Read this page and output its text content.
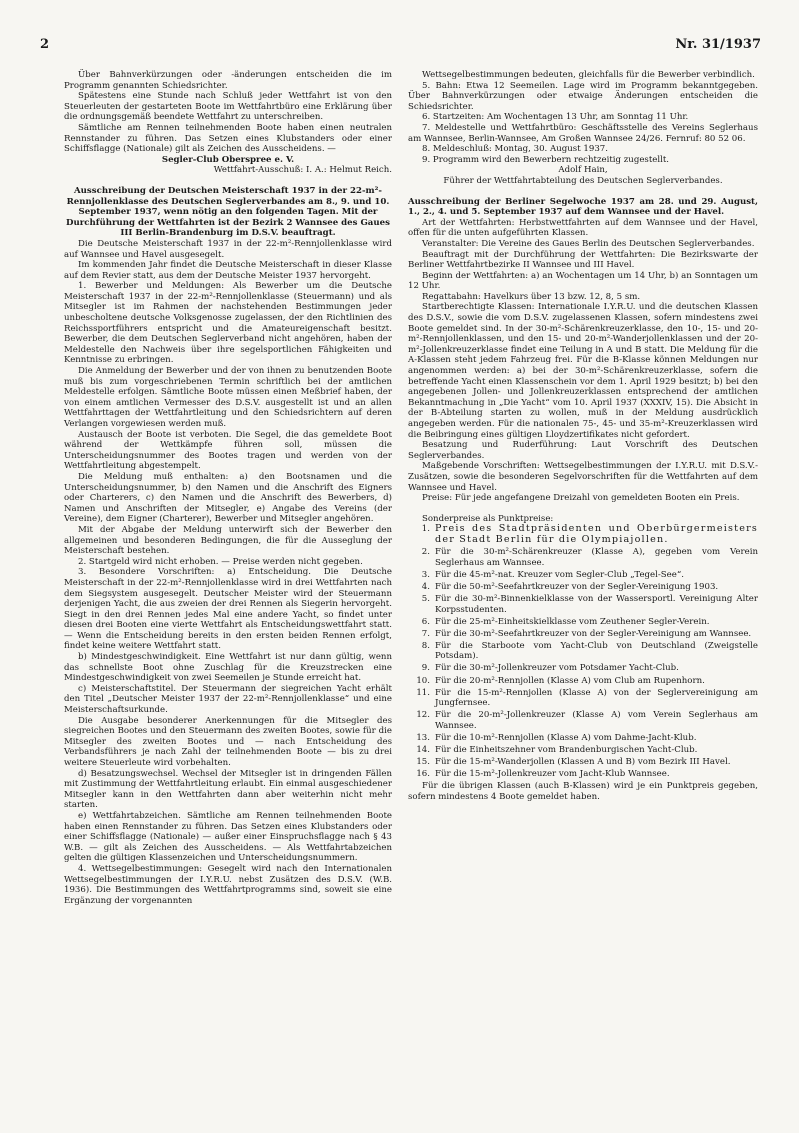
2	Nr. 31/1937

Über Bahnverkürzungen oder -änderungen entscheiden die im Programm genannten Schiedsrichter.

Spätestens eine Stunde nach Schluß jeder Wettfahrt ist von den Steuerleuten der gestarteten Boote im Wettfahrtbüro eine Erklärung über die ordnungsgemäß beendete Wettfahrt zu unterschreiben.

Sämtliche am Rennen teilnehmenden Boote haben einen neutralen Rennstander zu führen. Das Setzen eines Klubstanders oder einer Schiffsflagge (Nationale) gilt als Zeichen des Ausscheidens. —

Segler-Club Oberspree e. V.

Wettfahrt-Ausschuß: I. A.: Helmut Reich.

Ausschreibung der Deutschen Meisterschaft 1937 in der 22-m²-Rennjollenklasse des Deutschen Seglerverbandes am 8., 9. und 10. September 1937, wenn nötig an den folgenden Tagen. Mit der Durchführung der Wettfahrten ist der Bezirk 2 Wannsee des Gaues III Berlin-Brandenburg im D.S.V. beauftragt.

Die Deutsche Meisterschaft 1937 in der 22-m²-Rennjollenklasse wird auf Wannsee und Havel ausgesegelt.

Im kommenden Jahr findet die Deutsche Meisterschaft in dieser Klasse auf dem Revier statt, aus dem der Deutsche Meister 1937 hervorgeht.

1. Bewerber und Meldungen: Als Bewerber um die Deutsche Meisterschaft 1937 in der 22-m²-Rennjollenklasse (Steuermann) und als Mitsegler ist im Rahmen der nachstehenden Bestimmungen jeder unbescholtene deutsche Volksgenosse zugelassen, der den Richtlinien des Reichssportführers entspricht und die Amateureigenschaft besitzt. Bewerber, die dem Deutschen Seglerverband nicht angehören, haben der Meldestelle den Nachweis über ihre segelsportlichen Fähigkeiten und Kenntnisse zu erbringen.

Die Anmeldung der Bewerber und der von ihnen zu benutzenden Boote muß bis zum vorgeschriebenen Termin schriftlich bei der amtlichen Meldestelle erfolgen. Sämtliche Boote müssen einen Meßbrief haben, der von einem amtlichen Vermesser des D.S.V. ausgestellt ist und an allen Wettfahrttagen der Wettfahrtleitung und den Schiedsrichtern auf deren Verlangen vorgewiesen werden muß.

Austausch der Boote ist verboten. Die Segel, die das gemeldete Boot während der Wettkämpfe führen soll, müssen die Unterscheidungsnummer des Bootes tragen und werden von der Wettfahrtleitung abgestempelt.

Die Meldung muß enthalten: a) den Bootsnamen und die Unterscheidungsnummer, b) den Namen und die Anschrift des Eigners oder Charterers, c) den Namen und die Anschrift des Bewerbers, d) Namen und Anschriften der Mitsegler, e) Angabe des Vereins (der Vereine), dem Eigner (Charterer), Bewerber und Mitsegler angehören.

Mit der Abgabe der Meldung unterwirft sich der Bewerber den allgemeinen und besonderen Bedingungen, die für die Ausseglung der Meisterschaft bestehen.

2. Startgeld wird nicht erhoben. — Preise werden nicht gegeben.

3. Besondere Vorschriften: a) Entscheidung. Die Deutsche Meisterschaft in der 22-m²-Rennjollenklasse wird in drei Wettfahrten nach dem Siegsystem ausgesegelt. Deutscher Meister wird der Steuermann derjenigen Yacht, die aus zweien der drei Rennen als Siegerin hervorgeht. Siegt in den drei Rennen jedes Mal eine andere Yacht, so findet unter diesen drei Booten eine vierte Wettfahrt als Entscheidungswettfahrt statt. — Wenn die Entscheidung bereits in den ersten beiden Rennen erfolgt, findet keine weitere Wettfahrt statt.

b) Mindestgeschwindigkeit. Eine Wettfahrt ist nur dann gültig, wenn das schnellste Boot ohne Zuschlag für die Kreuzstrecken eine Mindestgeschwindigkeit von zwei Seemeilen je Stunde erreicht hat.

c) Meisterschaftstitel. Der Steuermann der siegreichen Yacht erhält den Titel „Deutscher Meister 1937 der 22-m²-Rennjollenklasse“ und eine Meisterschaftsurkunde.

Die Ausgabe besonderer Anerkennungen für die Mitsegler des siegreichen Bootes und den Steuermann des zweiten Bootes, sowie für die Mitsegler des zweiten Bootes und — nach Entscheidung des Verbandsführers je nach Zahl der teilnehmenden Boote — bis zu drei weitere Steuerleute wird vorbehalten.

d) Besatzungswechsel. Wechsel der Mitsegler ist in dringenden Fällen mit Zustimmung der Wettfahrtleitung erlaubt. Ein einmal ausgeschiedener Mitsegler kann in den Wettfahrten dann aber weiterhin nicht mehr starten.

e) Wettfahrtabzeichen. Sämtliche am Rennen teilnehmenden Boote haben einen Rennstander zu führen. Das Setzen eines Klubstanders oder einer Schiffsflagge (Nationale) — außer einer Einspruchsflagge nach § 43 W.B. — gilt als Zeichen des Ausscheidens. — Als Wettfahrtabzeichen gelten die gültigen Klassenzeichen und Unterscheidungsnummern.

4. Wettsegelbestimmungen: Gesegelt wird nach den Internationalen Wettsegelbestimmungen der I.Y.R.U. nebst Zusätzen des D.S.V. (W.B. 1936). Die Bestimmungen des Wettfahrtprogramms sind, soweit sie eine Ergänzung der vorgenannten

Wettsegelbestimmungen bedeuten, gleichfalls für die Bewerber verbindlich.

5. Bahn: Etwa 12 Seemeilen. Lage wird im Programm bekanntgegeben. Über Bahnverkürzungen oder etwaige Änderungen entscheiden die Schiedsrichter.

6. Startzeiten: Am Wochentagen 13 Uhr, am Sonntag 11 Uhr.

7. Meldestelle und Wettfahrtbüro: Geschäftsstelle des Vereins Seglerhaus am Wannsee, Berlin-Wannsee, Am Großen Wannsee 24/26. Fernruf: 80 52 06.

8. Meldeschluß: Montag, 30. August 1937.

9. Programm wird den Bewerbern rechtzeitig zugestellt.

Adolf Hain,

Führer der Wettfahrtabteilung des Deutschen Seglerverbandes.

Ausschreibung der Berliner Segelwoche 1937 am 28. und 29. August, 1., 2., 4. und 5. September 1937 auf dem Wannsee und der Havel.

Art der Wettfahrten: Herbstwettfahrten auf dem Wannsee und der Havel, offen für die unten aufgeführten Klassen.

Veranstalter: Die Vereine des Gaues Berlin des Deutschen Seglerverbandes.

Beauftragt mit der Durchführung der Wettfahrten: Die Bezirkswarte der Berliner Wettfahrtbezirke II Wannsee und III Havel.

Beginn der Wettfahrten: a) an Wochentagen um 14 Uhr, b) an Sonntagen um 12 Uhr.

Regattabahn: Havelkurs über 13 bzw. 12, 8, 5 sm.

Startberechtigte Klassen: Internationale I.Y.R.U. und die deutschen Klassen des D.S.V., sowie die vom D.S.V. zugelassenen Klassen, sofern mindestens zwei Boote gemeldet sind. In der 30-m²-Schärenkreuzerklasse, den 10-, 15- und 20-m²-Rennjollenklassen, und den 15- und 20-m²-Wanderjollenklassen und der 20-m²-Jollenkreuzerklasse findet eine Teilung in A und B statt. Die Meldung für die A-Klassen steht jedem Fahrzeug frei. Für die B-Klasse können Meldungen nur angenommen werden: a) bei der 30-m²-Schärenkreuzerklasse, sofern die betreffende Yacht einen Klassenschein vor dem 1. April 1929 besitzt; b) bei den angegebenen Jollen- und Jollenkreuzerklassen entsprechend der amtlichen Bekanntmachung in „Die Yacht“ vom 10. April 1937 (XXXIV, 15). Die Absicht in der B-Abteilung starten zu wollen, muß in der Meldung ausdrücklich angegeben werden. Für die nationalen 75-, 45- und 35-m²-Kreuzerklassen wird die Beibringung eines gültigen Lloydzertifikates nicht gefordert.

Besatzung und Ruderführung: Laut Vorschrift des Deutschen Seglerverbandes.

Maßgebende Vorschriften: Wettsegelbestimmungen der I.Y.R.U. mit D.S.V.-Zusätzen, sowie die besonderen Segelvorschriften für die Wettfahrten auf dem Wannsee und Havel.

Preise: Für jede angefangene Dreizahl von gemeldeten Booten ein Preis.

Sonderpreise als Punktpreise:

1. Preis des Stadtpräsidenten und Oberbürgermeisters der Stadt Berlin für die Olympiajollen.
2. Für die 30-m²-Schärenkreuzer (Klasse A), gegeben vom Verein Seglerhaus am Wannsee.
3. Für die 45-m²-nat. Kreuzer vom Segler-Club „Tegel-See“.
4. Für die 50-m²-Seefahrtkreuzer von der Segler-Vereinigung 1903.
5. Für die 30-m²-Binnenkielklasse von der Wassersportl. Vereinigung Alter Korpsstudenten.
6. Für die 25-m²-Einheitskielklasse vom Zeuthener Segler-Verein.
7. Für die 30-m²-Seefahrtkreuzer von der Segler-Vereinigung am Wannsee.
8. Für die Starboote vom Yacht-Club von Deutschland (Zweigstelle Potsdam).
9. Für die 30-m²-Jollenkreuzer vom Potsdamer Yacht-Club.
10. Für die 20-m²-Rennjollen (Klasse A) vom Club am Rupenhorn.
11. Für die 15-m²-Rennjollen (Klasse A) von der Seglervereinigung am Jungfernsee.
12. Für die 20-m²-Jollenkreuzer (Klasse A) vom Verein Seglerhaus am Wannsee.
13. Für die 10-m²-Rennjollen (Klasse A) vom Dahme-Jacht-Klub.
14. Für die Einheitszehner vom Brandenburgischen Yacht-Club.
15. Für die 15-m²-Wanderjollen (Klassen A und B) vom Bezirk III Havel.
16. Für die 15-m²-Jollenkreuzer vom Jacht-Klub Wannsee.

Für die übrigen Klassen (auch B-Klassen) wird je ein Punktpreis gegeben, sofern mindestens 4 Boote gemeldet haben.
